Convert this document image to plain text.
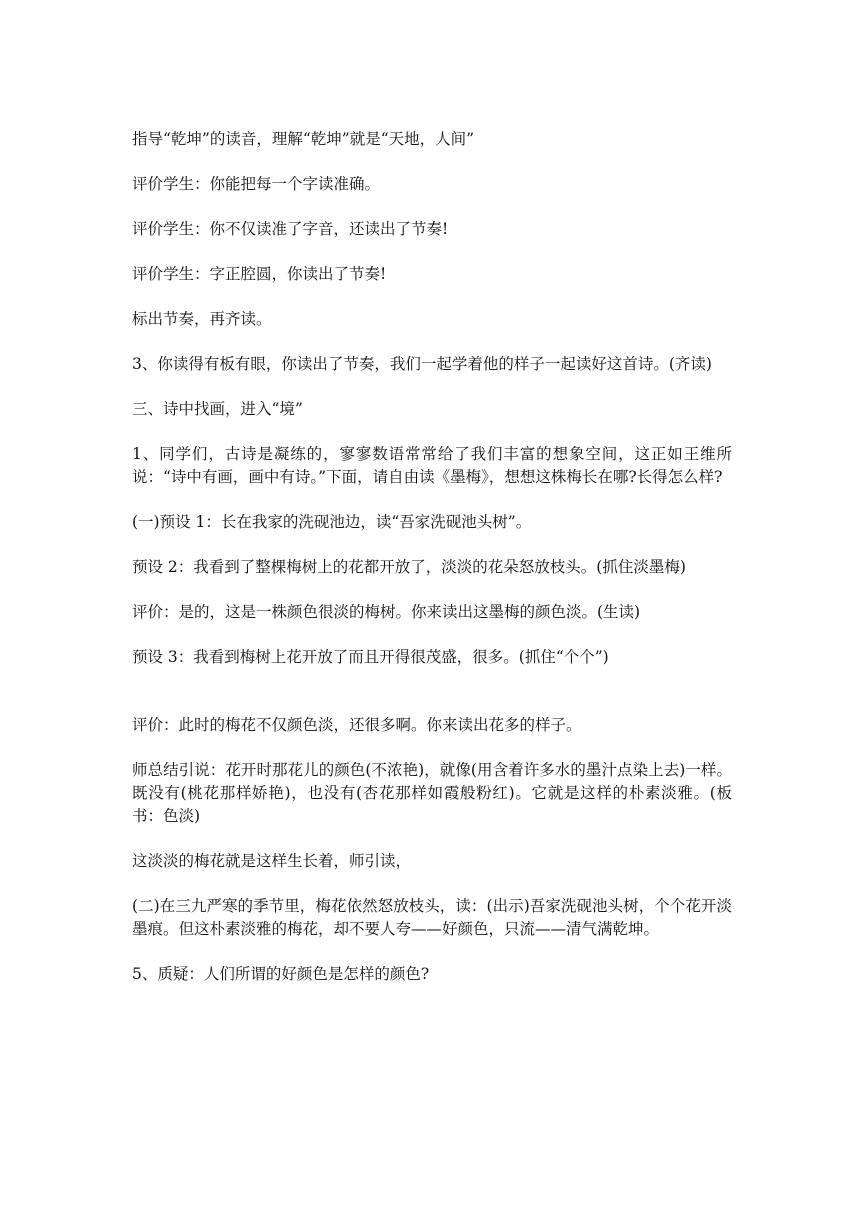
指导“乾坤”的读音，理解“乾坤”就是“天地，人间”

评价学生：你能把每一个字读准确。

评价学生：你不仅读准了字音，还读出了节奏!

评价学生：字正腔圆，你读出了节奏!

标出节奏，再齐读。

3、你读得有板有眼，你读出了节奏，我们一起学着他的样子一起读好这首诗。(齐读)

三、诗中找画，进入“境”

1、同学们，古诗是凝练的，寥寥数语常常给了我们丰富的想象空间，这正如王维所说：“诗中有画，画中有诗。”下面，请自由读《墨梅》，想想这株梅长在哪?长得怎么样?

(一)预设 1：长在我家的洗砚池边，读“吾家洗砚池头树”。

预设 2：我看到了整棵梅树上的花都开放了，淡淡的花朵怒放枝头。(抓住淡墨梅)

评价：是的，这是一株颜色很淡的梅树。你来读出这墨梅的颜色淡。(生读)

预设 3：我看到梅树上花开放了而且开得很茂盛，很多。(抓住“个个”)

评价：此时的梅花不仅颜色淡，还很多啊。你来读出花多的样子。

师总结引说：花开时那花儿的颜色(不浓艳)，就像(用含着许多水的墨汁点染上去)一样。既没有(桃花那样娇艳)，也没有(杏花那样如霞般粉红)。它就是这样的朴素淡雅。(板书：色淡)

这淡淡的梅花就是这样生长着，师引读，

(二)在三九严寒的季节里，梅花依然怒放枝头，读：(出示)吾家洗砚池头树，个个花开淡墨痕。但这朴素淡雅的梅花，却不要人夸——好颜色，只流——清气满乾坤。

5、质疑：人们所谓的好颜色是怎样的颜色?
